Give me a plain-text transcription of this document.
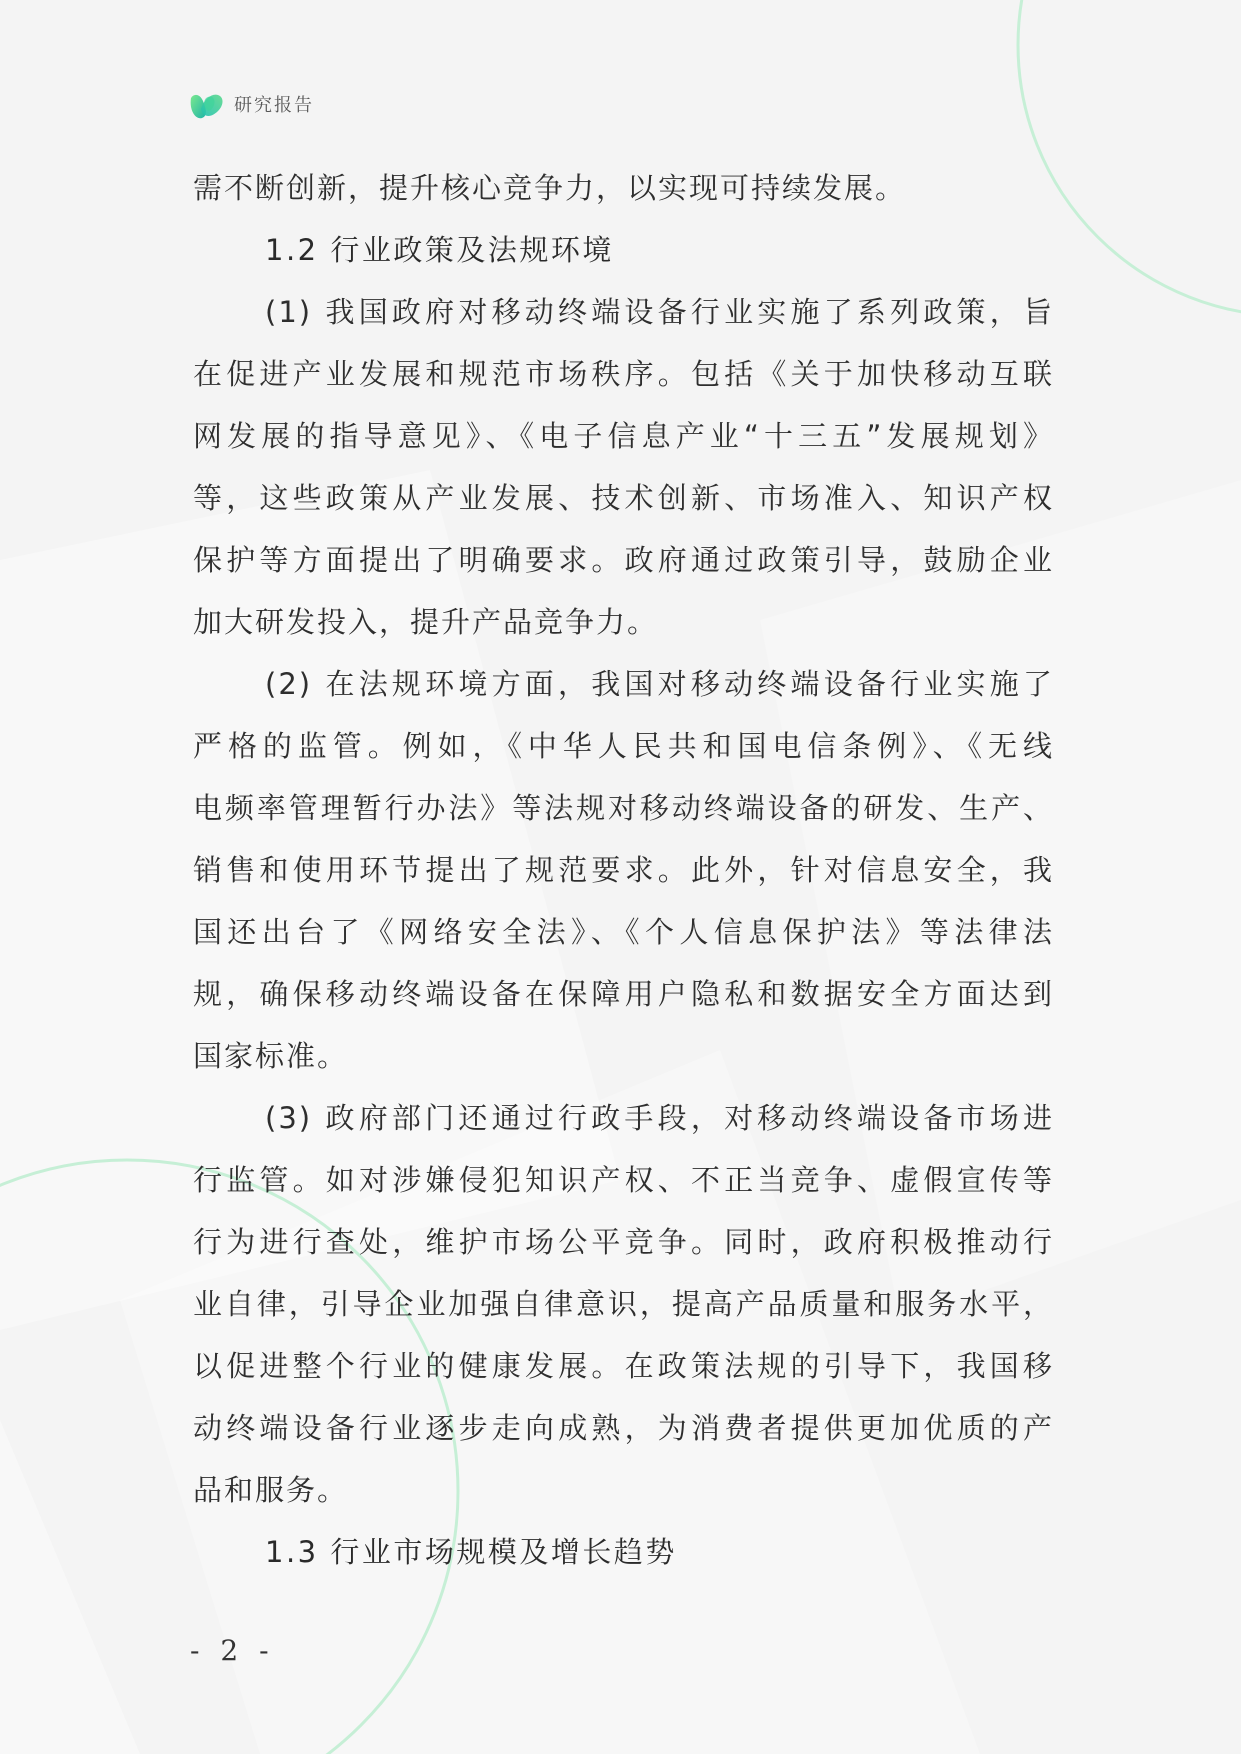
研究报告
需不断创新，提升核心竞争力，以实现可持续发展。
1.2 行业政策及法规环境
(1) 我国政府对移动终端设备行业实施了系列政策，旨
在促进产业发展和规范市场秩序。包括《关于加快移动互联
网发展的指导意见》、《电子信息产业“十三五”发展规划》
等，这些政策从产业发展、技术创新、市场准入、知识产权
保护等方面提出了明确要求。政府通过政策引导，鼓励企业
加大研发投入，提升产品竞争力。
(2) 在法规环境方面，我国对移动终端设备行业实施了
严格的监管。例如，《中华人民共和国电信条例》、《无线
电频率管理暂行办法》等法规对移动终端设备的研发、生产、
销售和使用环节提出了规范要求。此外，针对信息安全，我
国还出台了《网络安全法》、《个人信息保护法》等法律法
规，确保移动终端设备在保障用户隐私和数据安全方面达到
国家标准。
(3) 政府部门还通过行政手段，对移动终端设备市场进
行监管。如对涉嫌侵犯知识产权、不正当竞争、虚假宣传等
行为进行查处，维护市场公平竞争。同时，政府积极推动行
业自律，引导企业加强自律意识，提高产品质量和服务水平，
以促进整个行业的健康发展。在政策法规的引导下，我国移
动终端设备行业逐步走向成熟，为消费者提供更加优质的产
品和服务。
1.3 行业市场规模及增长趋势
- 2 -
